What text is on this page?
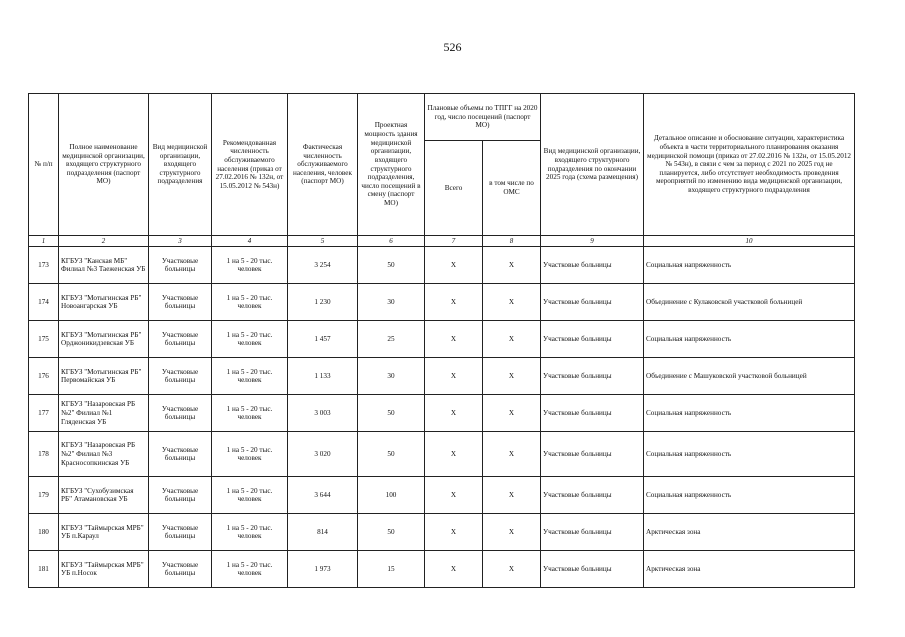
526
№ п/п	Полное наименование медицинской организации, входящего структурного подразделения (паспорт МО)	Вид медицинской организации, входящего структурного подразделения	Рекомендованная численность обслуживаемого населения (приказ от 27.02.2016 № 132н, от 15.05.2012 № 543н)	Фактическая численность обслуживаемого населения, человек (паспорт МО)	Проектная мощность здания медицинской организации, входящего структурного подразделения, число посещений в смену (паспорт МО)	Плановые объемы по ТПГГ на 2020 год, число посещений (паспорт МО)		Вид медицинской организации, входящего структурного подразделения по окончании 2025 года (схема размещения)	Детальное описание и обоснование ситуации, характеристика объекта в части территориального планирования оказания медицинской помощи (приказ от 27.02.2016 № 132н, от 15.05.2012 № 543н), в связи с чем за период с 2021 по 2025 год не планируется, либо отсутствует необходимость проведения мероприятий по изменению вида медицинской организации, входящего структурного подразделения
						Всего	в том числе по ОМС		
1	2	3	4	5	6	7	8	9	10
173	КГБУЗ "Канская МБ" Филиал №3 Таеженская УБ	Участковые больницы	1 на 5 - 20 тыс. человек	3 254	50	X	X	Участковые больницы	Социальная напряженность
174	КГБУЗ "Мотыгинская РБ" Новоангарская УБ	Участковые больницы	1 на 5 - 20 тыс. человек	1 230	30	X	X	Участковые больницы	Объединение с Кулаковской участковой больницей
175	КГБУЗ "Мотыгинская РБ" Орджоникидзевская УБ	Участковые больницы	1 на 5 - 20 тыс. человек	1 457	25	X	X	Участковые больницы	Социальная напряженность
176	КГБУЗ "Мотыгинская РБ" Первомайская УБ	Участковые больницы	1 на 5 - 20 тыс. человек	1 133	30	X	X	Участковые больницы	Объединение с Машуковской участковой больницей
177	КГБУЗ "Назаровская РБ №2" Филиал №1 Гляденская УБ	Участковые больницы	1 на 5 - 20 тыс. человек	3 003	50	X	X	Участковые больницы	Социальная напряженность
178	КГБУЗ "Назаровская РБ №2" Филиал №3 Красносопкинская УБ	Участковые больницы	1 на 5 - 20 тыс. человек	3 020	50	X	X	Участковые больницы	Социальная напряженность
179	КГБУЗ "Сухобузимская РБ" Атамановская УБ	Участковые больницы	1 на 5 - 20 тыс. человек	3 644	100	X	X	Участковые больницы	Социальная напряженность
180	КГБУЗ "Таймырская МРБ" УБ п.Караул	Участковые больницы	1 на 5 - 20 тыс. человек	814	50	X	X	Участковые больницы	Арктическая зона
181	КГБУЗ "Таймырская МРБ" УБ п.Носок	Участковые больницы	1 на 5 - 20 тыс. человек	1 973	15	X	X	Участковые больницы	Арктическая зона
